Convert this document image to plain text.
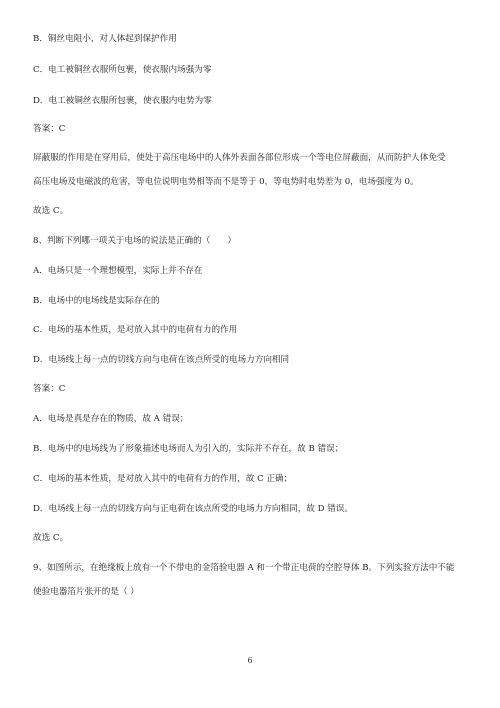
B．铜丝电阻小，对人体起到保护作用
C．电工被铜丝衣服所包裹，使衣服内场强为零
D．电工被铜丝衣服所包裹，使衣服内电势为零
答案：C
屏蔽服的作用是在穿用后，使处于高压电场中的人体外表面各部位形成一个等电位屏蔽面，从而防护人体免受
高压电场及电磁波的危害，等电位说明电势相等而不是等于 0，等电势时电势差为 0，电场强度为 0。
故选 C。
8、判断下列哪一项关于电场的说法是正确的（　　）
A．电场只是一个理想模型，实际上并不存在
B．电场中的电场线是实际存在的
C．电场的基本性质，是对放入其中的电荷有力的作用
D．电场线上每一点的切线方向与电荷在该点所受的电场力方向相同
答案：C
A．电场是真是存在的物质，故 A 错误；
B．电场中的电场线为了形象描述电场而人为引入的，实际并不存在，故 B 错误；
C．电场的基本性质，是对放入其中的电荷有力的作用，故 C 正确；
D．电场线上每一点的切线方向与正电荷在该点所受的电场力方向相同，故 D 错误。
故选 C。
9、如图所示，在绝缘板上放有一个不带电的金箔验电器 A 和一个带正电荷的空腔导体 B。下列实验方法中不能
使验电器箔片张开的是（ ）
6
